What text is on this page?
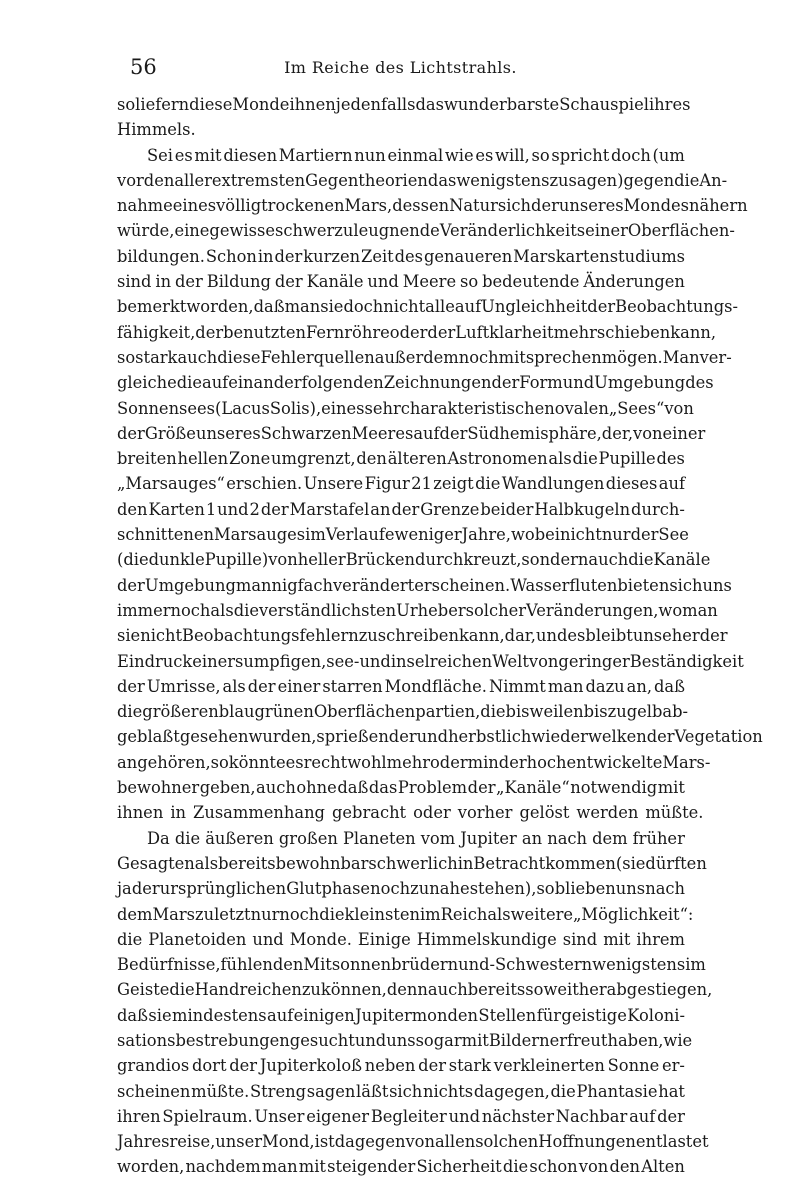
56	Im Reiche des Lichtstrahls.
so liefern diese Monde ihnen jedenfalls das wunderbarste Schauspiel ihres
Himmels.
Sei es mit diesen Martiern nun einmal wie es will, so spricht doch (um
vor den allerextremsten Gegentheorien das wenigstens zu sagen) gegen die An-
nahme eines völlig trockenen Mars, dessen Natur sich der unseres Mondes nähern
würde, eine gewisse schwer zu leugnende Veränderlichkeit seiner Oberflächen-
bildungen. Schon in der kurzen Zeit des genaueren Marskartenstudiums
sind in der Bildung der Kanäle und Meere so bedeutende Änderungen
bemerkt worden, daß man sie doch nicht alle auf Ungleichheit der Beobachtungs-
fähigkeit, der benutzten Fernröhre oder der Luftklarheit mehr schieben kann,
so stark auch diese Fehlerquellen außerdem noch mitsprechen mögen. Man ver-
gleiche die aufeinanderfolgenden Zeichnungen der Form und Umgebung des
Sonnensees (Lacus Solis), eines sehr charakteristischen ovalen „Sees“ von
der Größe unseres Schwarzen Meeres auf der Südhemisphäre, der, von einer
breiten hellen Zone umgrenzt, den älteren Astronomen als die Pupille des
„Marsauges“ erschien. Unsere Figur 21 zeigt die Wandlungen dieses auf
den Karten 1 und 2 der Marstafel an der Grenze beider Halbkugeln durch-
schnittenen Marsauges im Verlaufe weniger Jahre, wobei nicht nur der See
(die dunkle Pupille) von heller Brücken durchkreuzt, sondern auch die Kanäle
der Umgebung mannigfach verändert erscheinen. Wasserfluten bieten sich uns
immer noch als die verständlichsten Urheber solcher Veränderungen, wo man
sie nicht Beobachtungsfehlern zuschreiben kann, dar, und es bleibt uns eher der
Eindruck einer sumpfigen, see- und inselreichen Welt von geringer Beständigkeit
der Umrisse, als der einer starren Mondfläche. Nimmt man dazu an, daß
die größeren blaugrünen Oberflächenpartien, die bisweilen bis zu gelb ab-
geblaßt gesehen wurden, sprießender und herbstlich wieder welkender Vegetation
angehören, so könnte es recht wohl mehr oder minder hoch entwickelte Mars-
bewohner geben, auch ohne daß das Problem der „Kanäle“ notwendig mit
ihnen in Zusammenhang gebracht oder vorher gelöst werden müßte.
Da die äußeren großen Planeten vom Jupiter an nach dem früher
Gesagten als bereits bewohnbar schwerlich in Betracht kommen (sie dürften
ja der ursprünglichen Glutphase noch zu nahe stehen), so blieben uns nach
dem Mars zuletzt nur noch die kleinsten im Reich als weitere „Möglichkeit“:
die Planetoiden und Monde. Einige Himmelskundige sind mit ihrem
Bedürfnisse, fühlenden Mitsonnenbrüdern und -Schwestern wenigstens im
Geiste die Hand reichen zu können, denn auch bereits soweit herabgestiegen,
daß sie mindestens auf einigen Jupitermonden Stellen für geistige Koloni-
sationsbestrebungen gesucht und uns sogar mit Bildern erfreut haben, wie
grandios dort der Jupiterkoloß neben der stark verkleinerten Sonne er-
scheinen müßte. Streng sagen läßt sich nichts dagegen, die Phantasie hat
ihren Spielraum. Unser eigener Begleiter und nächster Nachbar auf der
Jahresreise, unser Mond, ist dagegen von allen solchen Hoffnungen entlastet
worden, nachdem man mit steigender Sicherheit die schon von den Alten
